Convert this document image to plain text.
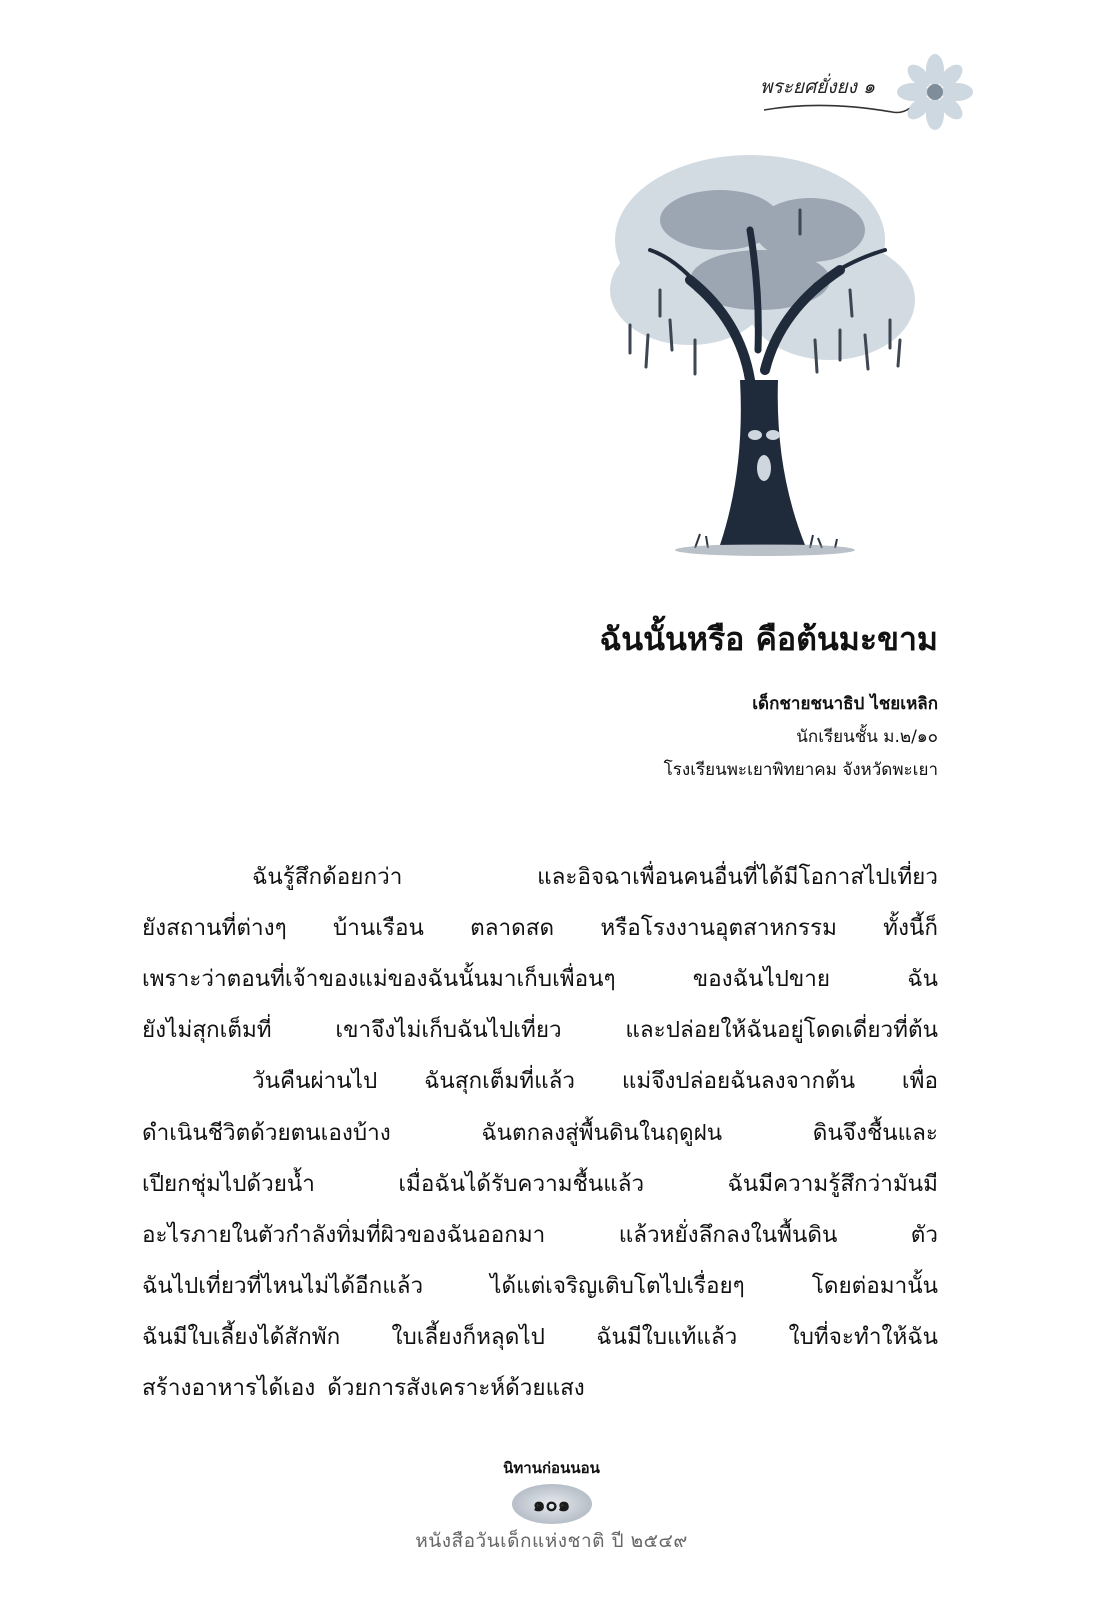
พระยศยั่งยง ๑
ฉันนั้นหรือ คือต้นมะขาม
เด็กชายชนาธิป ไชยเหลิก
นักเรียนชั้น ม.๒/๑๐
โรงเรียนพะเยาพิทยาคม จังหวัดพะเยา
ฉันรู้สึกด้อยกว่า	และอิจฉาเพื่อนคนอื่นที่ได้มีโอกาสไปเที่ยว
ยังสถานที่ต่างๆ บ้านเรือน ตลาดสด หรือโรงงานอุตสาหกรรม ทั้งนี้ก็
เพราะว่าตอนที่เจ้าของแม่ของฉันนั้นมาเก็บเพื่อนๆ	ของฉันไปขาย	ฉัน
ยังไม่สุกเต็มที่	เขาจึงไม่เก็บฉันไปเที่ยว	และปล่อยให้ฉันอยู่โดดเดี่ยวที่ต้น
วันคืนผ่านไป ฉันสุกเต็มที่แล้ว แม่จึงปล่อยฉันลงจากต้น เพื่อ
ดำเนินชีวิตด้วยตนเองบ้าง	ฉันตกลงสู่พื้นดินในฤดูฝน	ดินจึงชื้นและ
เปียกชุ่มไปด้วยน้ำ	เมื่อฉันได้รับความชื้นแล้ว	ฉันมีความรู้สึกว่ามันมี
อะไรภายในตัวกำลังทิ่มที่ผิวของฉันออกมา	แล้วหยั่งลึกลงในพื้นดิน	ตัว
ฉันไปเที่ยวที่ไหนไม่ได้อีกแล้ว	ได้แต่เจริญเติบโตไปเรื่อยๆ	โดยต่อมานั้น
ฉันมีใบเลี้ยงได้สักพัก ใบเลี้ยงก็หลุดไป ฉันมีใบแท้แล้ว ใบที่จะทำให้ฉัน
สร้างอาหารได้เอง ด้วยการสังเคราะห์ด้วยแสง
นิทานก่อนนอน
๑๐๑
หนังสือวันเด็กแห่งชาติ ปี ๒๕๔๙
